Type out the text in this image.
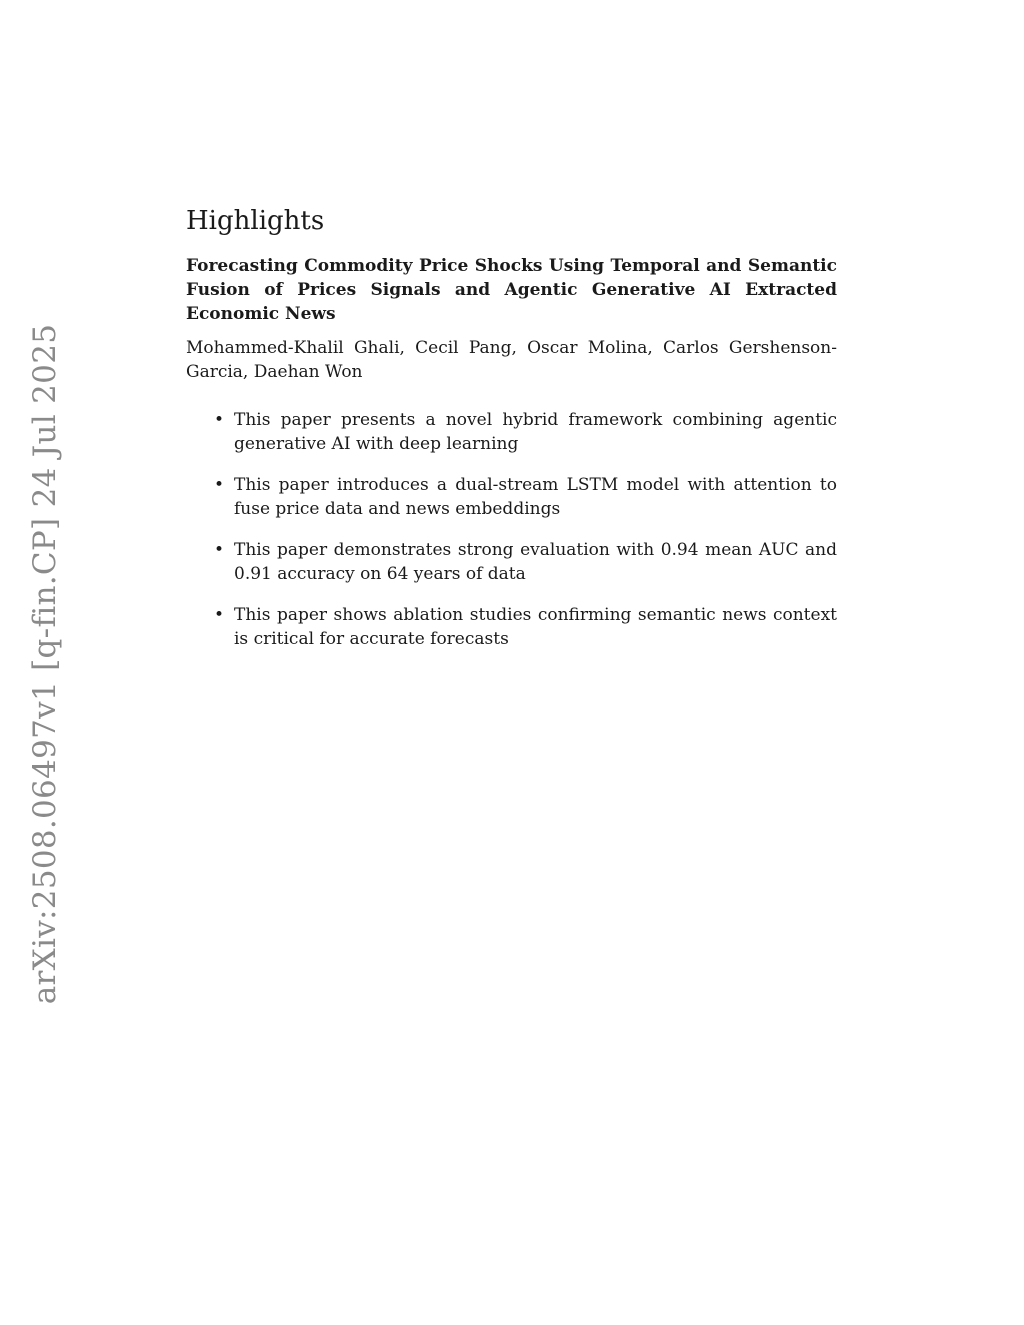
arXiv:2508.06497v1 [q-fin.CP] 24 Jul 2025
Highlights
Forecasting Commodity Price Shocks Using Temporal and Semantic Fusion of Prices Signals and Agentic Generative AI Extracted Economic News
Mohammed-Khalil Ghali, Cecil Pang, Oscar Molina, Carlos Gershenson-Garcia, Daehan Won
• This paper presents a novel hybrid framework combining agentic generative AI with deep learning
• This paper introduces a dual-stream LSTM model with attention to fuse price data and news embeddings
• This paper demonstrates strong evaluation with 0.94 mean AUC and 0.91 accuracy on 64 years of data
• This paper shows ablation studies confirming semantic news context is critical for accurate forecasts
